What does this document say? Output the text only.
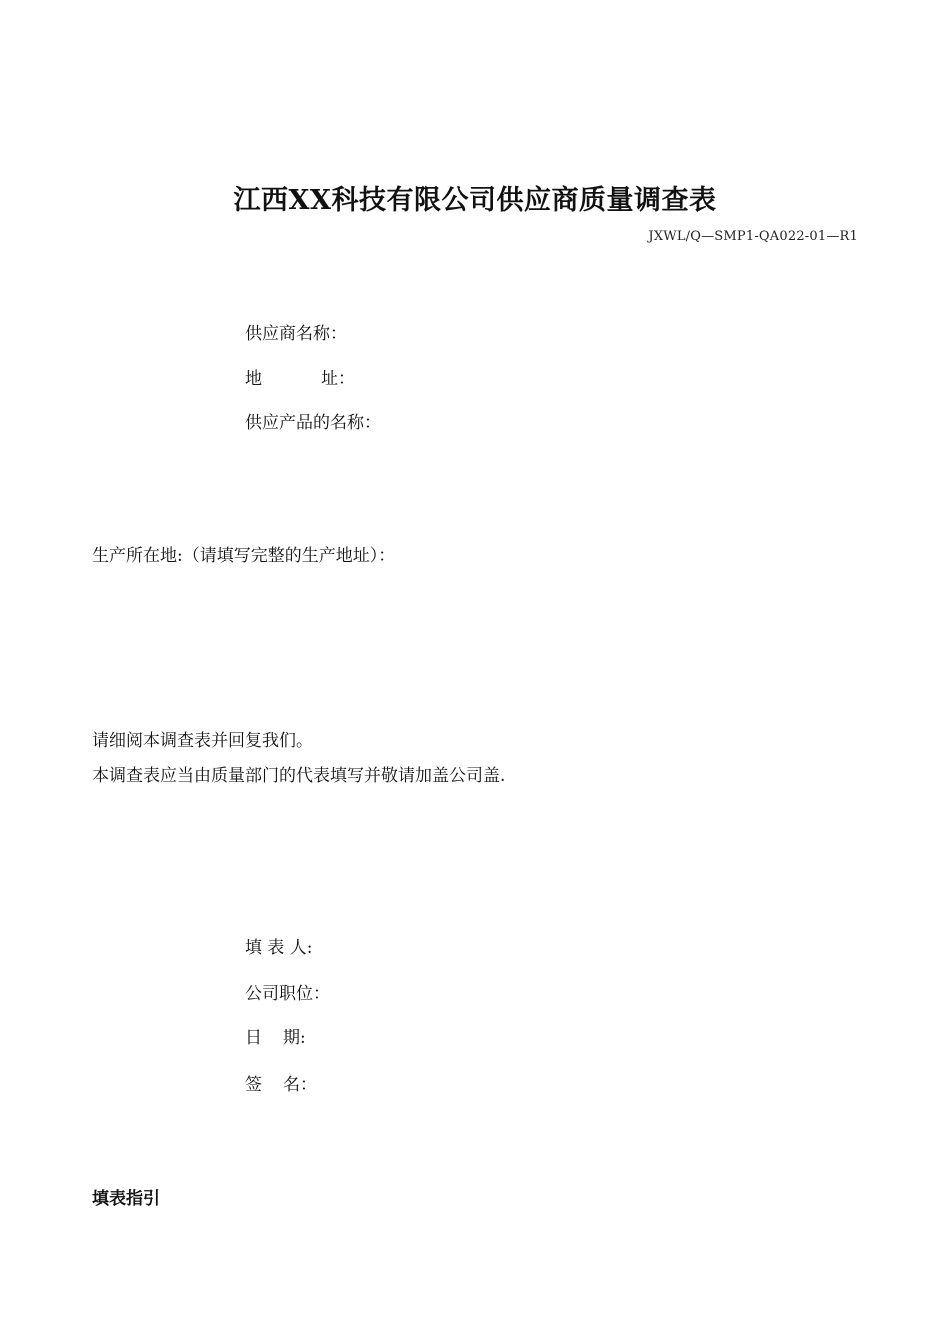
江西XX科技有限公司供应商质量调查表
JXWL/Q—SMP1-QA022-01—R1
供应商名称：
地	址：
供应产品的名称：
生产所在地:（请填写完整的生产地址）：
请细阅本调查表并回复我们。
本调查表应当由质量部门的代表填写并敬请加盖公司盖.
填 表 人:
公司职位：
日 期:
签 名：
填表指引
